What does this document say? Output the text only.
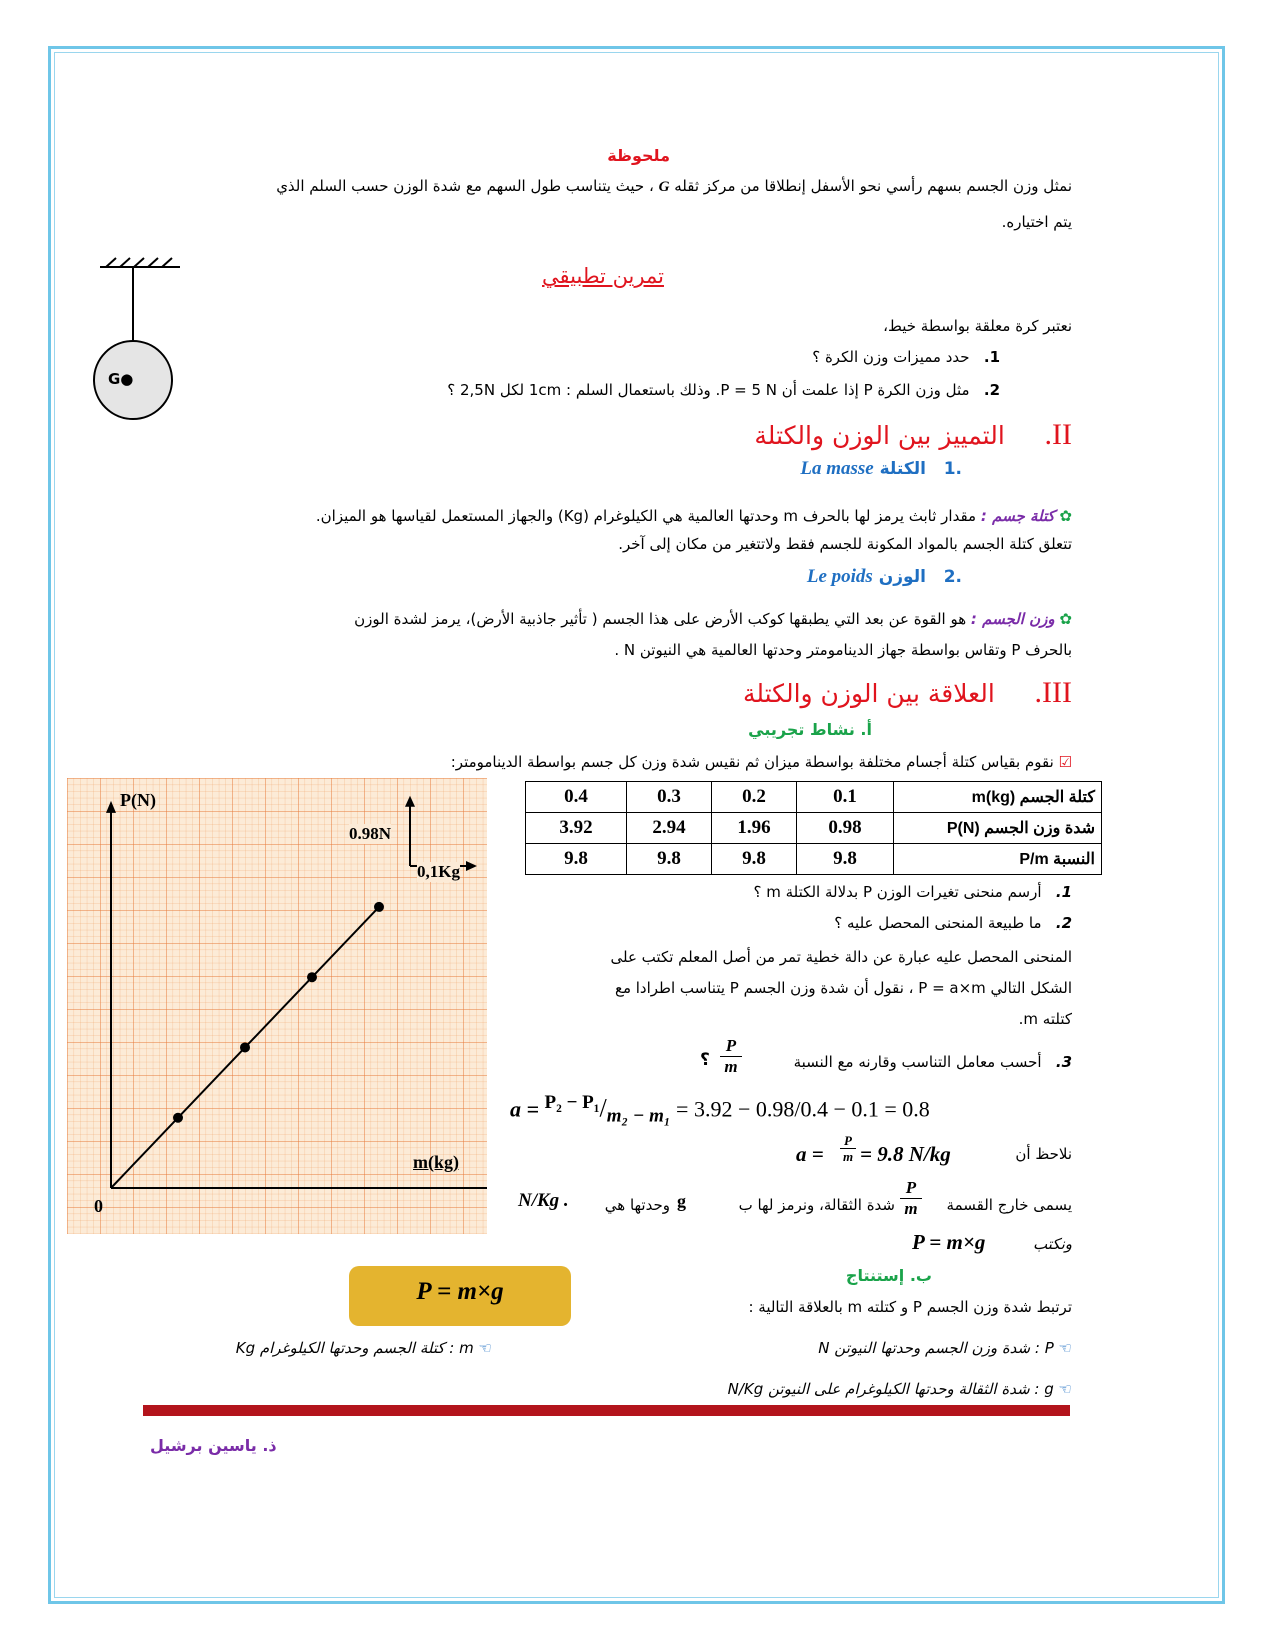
ملحوظة
نمثل وزن الجسم بسهم رأسي نحو الأسفل إنطلاقا من مركز ثقله G ، حيث يتناسب طول السهم مع شدة الوزن حسب السلم الذي
يتم اختياره.
G●
تمرين تطبيقي
نعتبر كرة معلقة بواسطة خيط،
1.   حدد مميزات وزن الكرة ؟
2.   مثل وزن الكرة P إذا علمت أن P = 5 N. وذلك باستعمال السلم : 1cm لكل 2,5N ؟
II.     التمييز بين الوزن والكتلة
.1   الكتلة La masse
✿ كتلة جسم : مقدار ثابث يرمز لها بالحرف m وحدتها العالمية هي الكيلوغرام (Kg) والجهاز المستعمل لقياسها هو الميزان.
تتعلق كتلة الجسم بالمواد المكونة للجسم فقط ولاتتغير من مكان إلى آخر.
.2   الوزن Le poids
✿ وزن الجسم : هو القوة عن بعد التي يطبقها كوكب الأرض على هذا الجسم ( تأثير جاذبية الأرض)، يرمز لشدة الوزن
بالحرف P وتقاس بواسطة جهاز الدينامومتر وحدتها العالمية هي النيوتن N .
III.     العلاقة بين الوزن والكتلة
أ. نشاط تجريبي
☑ نقوم بقياس كتلة أجسام مختلفة بواسطة ميزان ثم نقيس شدة وزن كل جسم بواسطة الدينامومتر:
0.4	0.3	0.2	0.1	كتلة الجسم (m(kg
3.92	2.94	1.96	0.98	شدة وزن الجسم (P(N
9.8	9.8	9.8	9.8	النسبة P/m
P(N)
m(kg)
0
0.98N
0,1Kg
1.   أرسم منحنى تغيرات الوزن P بدلالة الكتلة m ؟
2.   ما طبيعة المنحنى المحصل عليه ؟
المنحنى المحصل عليه عبارة عن دالة خطية تمر من أصل المعلم تكتب على
الشكل التالي P = a×m ، نقول أن شدة وزن الجسم P يتناسب اطرادا مع
كتلته m.
3.   أحسب معامل التناسب وقارنه مع النسبة
$\frac{P}{m}$
؟
$a = ^{P_2 - P_1}/_{m_2 - m_1} = 3.92 - 0.98/0.4 - 0.1 = 0.8$
نلاحظ أن
$a = \frac{P}{m} = 9.8$ N/kg
يسمى خارج القسمة
$\frac{P}{m}$
شدة الثقالة، ونرمز لها ب
g
وحدتها هي
N/Kg .
ونكتب
P = m×g
ب. إستنتاج
ترتبط شدة وزن الجسم P و كتلته m بالعلاقة التالية :
P = m×g
☜ P : شدة وزن الجسم وحدتها النيوتن N
☜ m : كتلة الجسم وحدتها الكيلوغرام Kg
☜ g : شدة الثقالة وحدتها الكيلوغرام على النيوتن N/Kg
ذ. ياسين برشيل
